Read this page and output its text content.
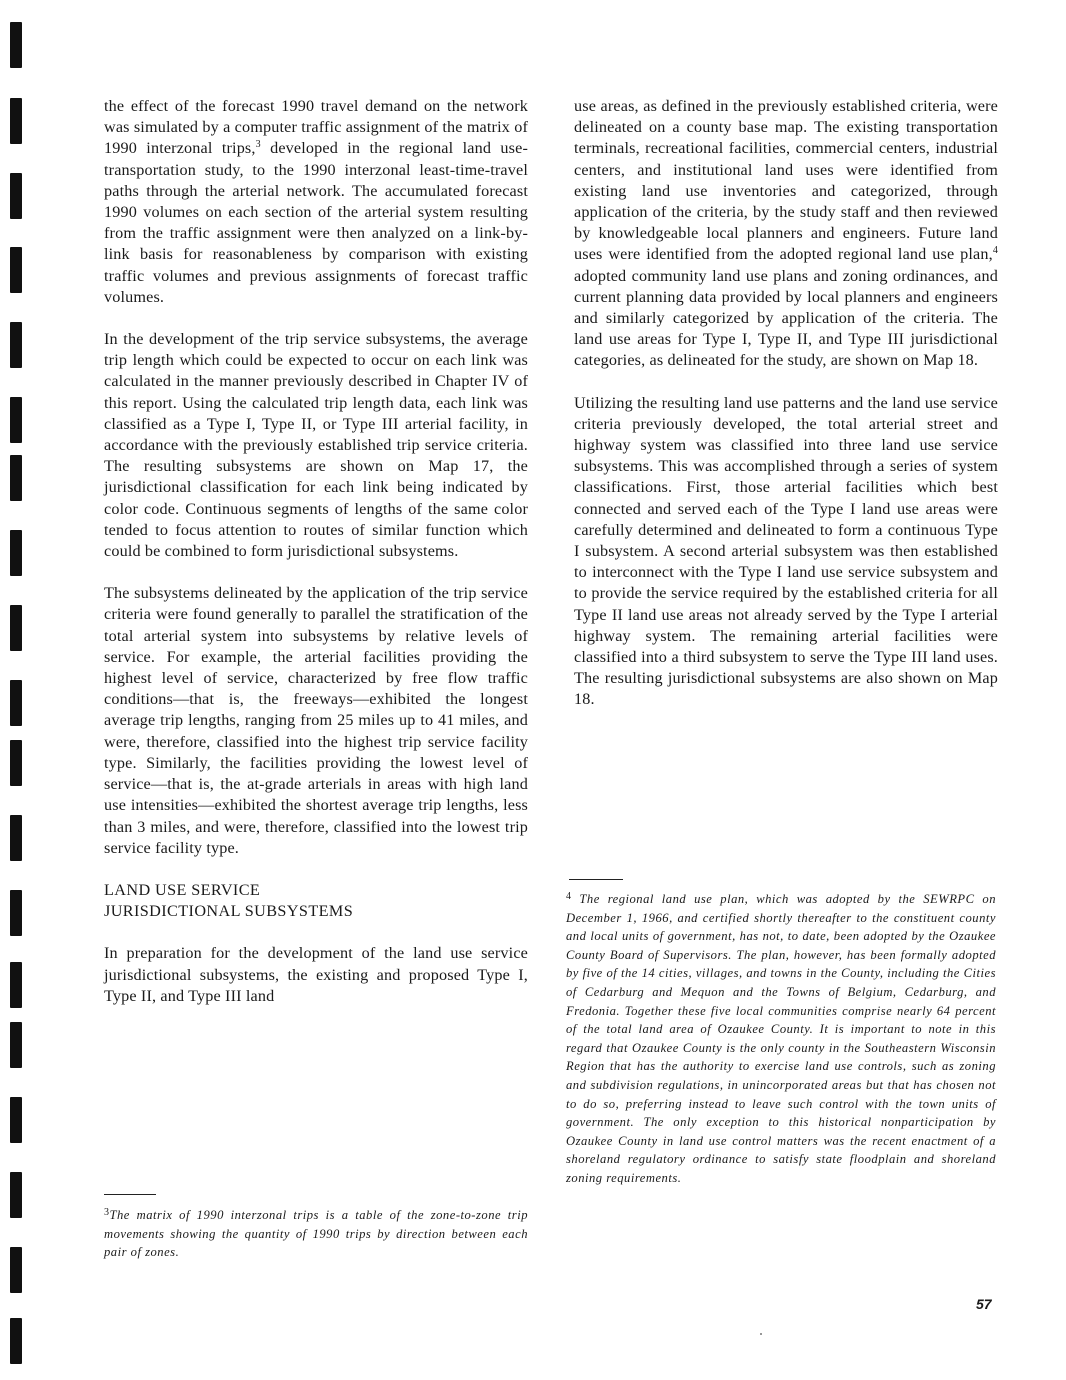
the effect of the forecast 1990 travel demand on the network was simulated by a computer traffic assignment of the matrix of 1990 interzonal trips,$^3$ developed in the regional land use-transportation study, to the 1990 interzonal least-time-travel paths through the arterial network. The accumulated forecast 1990 volumes on each section of the arterial system resulting from the traffic assignment were then analyzed on a link-by-link basis for reasonableness by comparison with existing traffic volumes and previous assignments of forecast traffic volumes.

In the development of the trip service subsystems, the average trip length which could be expected to occur on each link was calculated in the manner previously described in Chapter IV of this report. Using the calculated trip length data, each link was classified as a Type I, Type II, or Type III arterial facility, in accordance with the previously established trip service criteria. The resulting subsystems are shown on Map 17, the jurisdictional classification for each link being indicated by color code. Continuous segments of lengths of the same color tended to focus attention to routes of similar function which could be combined to form jurisdictional subsystems.

The subsystems delineated by the application of the trip service criteria were found generally to parallel the stratification of the total arterial system into subsystems by relative levels of service. For example, the arterial facilities providing the highest level of service, characterized by free flow traffic conditions—that is, the freeways—exhibited the longest average trip lengths, ranging from 25 miles up to 41 miles, and were, therefore, classified into the highest trip service facility type. Similarly, the facilities providing the lowest level of service—that is, the at-grade arterials in areas with high land use intensities—exhibited the shortest average trip lengths, less than 3 miles, and were, therefore, classified into the lowest trip service facility type.

LAND USE SERVICE
JURISDICTIONAL SUBSYSTEMS

In preparation for the development of the land use service jurisdictional subsystems, the existing and proposed Type I, Type II, and Type III land

use areas, as defined in the previously established criteria, were delineated on a county base map. The existing transportation terminals, recreational facilities, commercial centers, industrial centers, and institutional land uses were identified from existing land use inventories and categorized, through application of the criteria, by the study staff and then reviewed by knowledgeable local planners and engineers. Future land uses were identified from the adopted regional land use plan,$^4$ adopted community land use plans and zoning ordinances, and current planning data provided by local planners and engineers and similarly categorized by application of the criteria. The land use areas for Type I, Type II, and Type III jurisdictional categories, as delineated for the study, are shown on Map 18.

Utilizing the resulting land use patterns and the land use service criteria previously developed, the total arterial street and highway system was classified into three land use service subsystems. This was accomplished through a series of system classifications. First, those arterial facilities which best connected and served each of the Type I land use areas were carefully determined and delineated to form a continuous Type I subsystem. A second arterial subsystem was then established to interconnect with the Type I land use service subsystem and to provide the service required by the established criteria for all Type II land use areas not already served by the Type I arterial highway system. The remaining arterial facilities were classified into a third subsystem to serve the Type III land uses. The resulting jurisdictional subsystems are also shown on Map 18.

$^3$The matrix of 1990 interzonal trips is a table of the zone-to-zone trip movements showing the quantity of 1990 trips by direction between each pair of zones.
$^4$ The regional land use plan, which was adopted by the SEWRPC on December 1, 1966, and certified shortly thereafter to the constituent county and local units of government, has not, to date, been adopted by the Ozaukee County Board of Supervisors. The plan, however, has been formally adopted by five of the 14 cities, villages, and towns in the County, including the Cities of Cedarburg and Mequon and the Towns of Belgium, Cedarburg, and Fredonia. Together these five local communities comprise nearly 64 percent of the total land area of Ozaukee County. It is important to note in this regard that Ozaukee County is the only county in the Southeastern Wisconsin Region that has the authority to exercise land use controls, such as zoning and subdivision regulations, in unincorporated areas but that has chosen not to do so, preferring instead to leave such control with the town units of government. The only exception to this historical nonparticipation by Ozaukee County in land use control matters was the recent enactment of a shoreland regulatory ordinance to satisfy state floodplain and shoreland zoning requirements.
57
